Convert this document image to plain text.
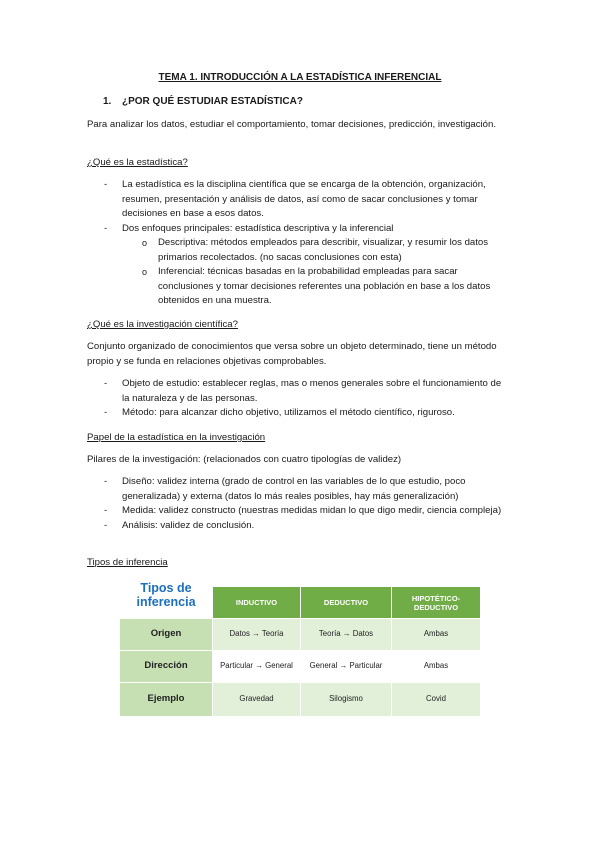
TEMA 1. INTRODUCCIÓN A LA ESTADÍSTICA INFERENCIAL
1. ¿POR QUÉ ESTUDIAR ESTADÍSTICA?
Para analizar los datos, estudiar el comportamiento, tomar decisiones, predicción, investigación.
¿Qué es la estadística?
- La estadística es la disciplina científica que se encarga de la obtención, organización, resumen, presentación y análisis de datos, así como de sacar conclusiones y tomar decisiones en base a esos datos.
- Dos enfoques principales: estadística descriptiva y la inferencial
o Descriptiva: métodos empleados para describir, visualizar, y resumir los datos primarios recolectados. (no sacas conclusiones con esta)
o Inferencial: técnicas basadas en la probabilidad empleadas para sacar conclusiones y tomar decisiones referentes una población en base a los datos obtenidos en una muestra.
¿Qué es la investigación científica?
Conjunto organizado de conocimientos que versa sobre un objeto determinado, tiene un método propio y se funda en relaciones objetivas comprobables.
- Objeto de estudio: establecer reglas, mas o menos generales sobre el funcionamiento de la naturaleza y de las personas.
- Método: para alcanzar dicho objetivo, utilizamos el método científico, riguroso.
Papel de la estadística en la investigación
Pilares de la investigación: (relacionados con cuatro tipologías de validez)
- Diseño: validez interna (grado de control en las variables de lo que estudio, poco generalizada) y externa (datos lo más reales posibles, hay más generalización)
- Medida: validez constructo (nuestras medidas midan lo que digo medir, ciencia compleja)
- Análisis: validez de conclusión.
Tipos de inferencia
Tipos de inferencia	INDUCTIVO	DEDUCTIVO	HIPOTÉTICO-DEDUCTIVO
Origen	Datos → Teoría	Teoría → Datos	Ambas
Dirección	Particular → General	General → Particular	Ambas
Ejemplo	Gravedad	Silogismo	Covid
